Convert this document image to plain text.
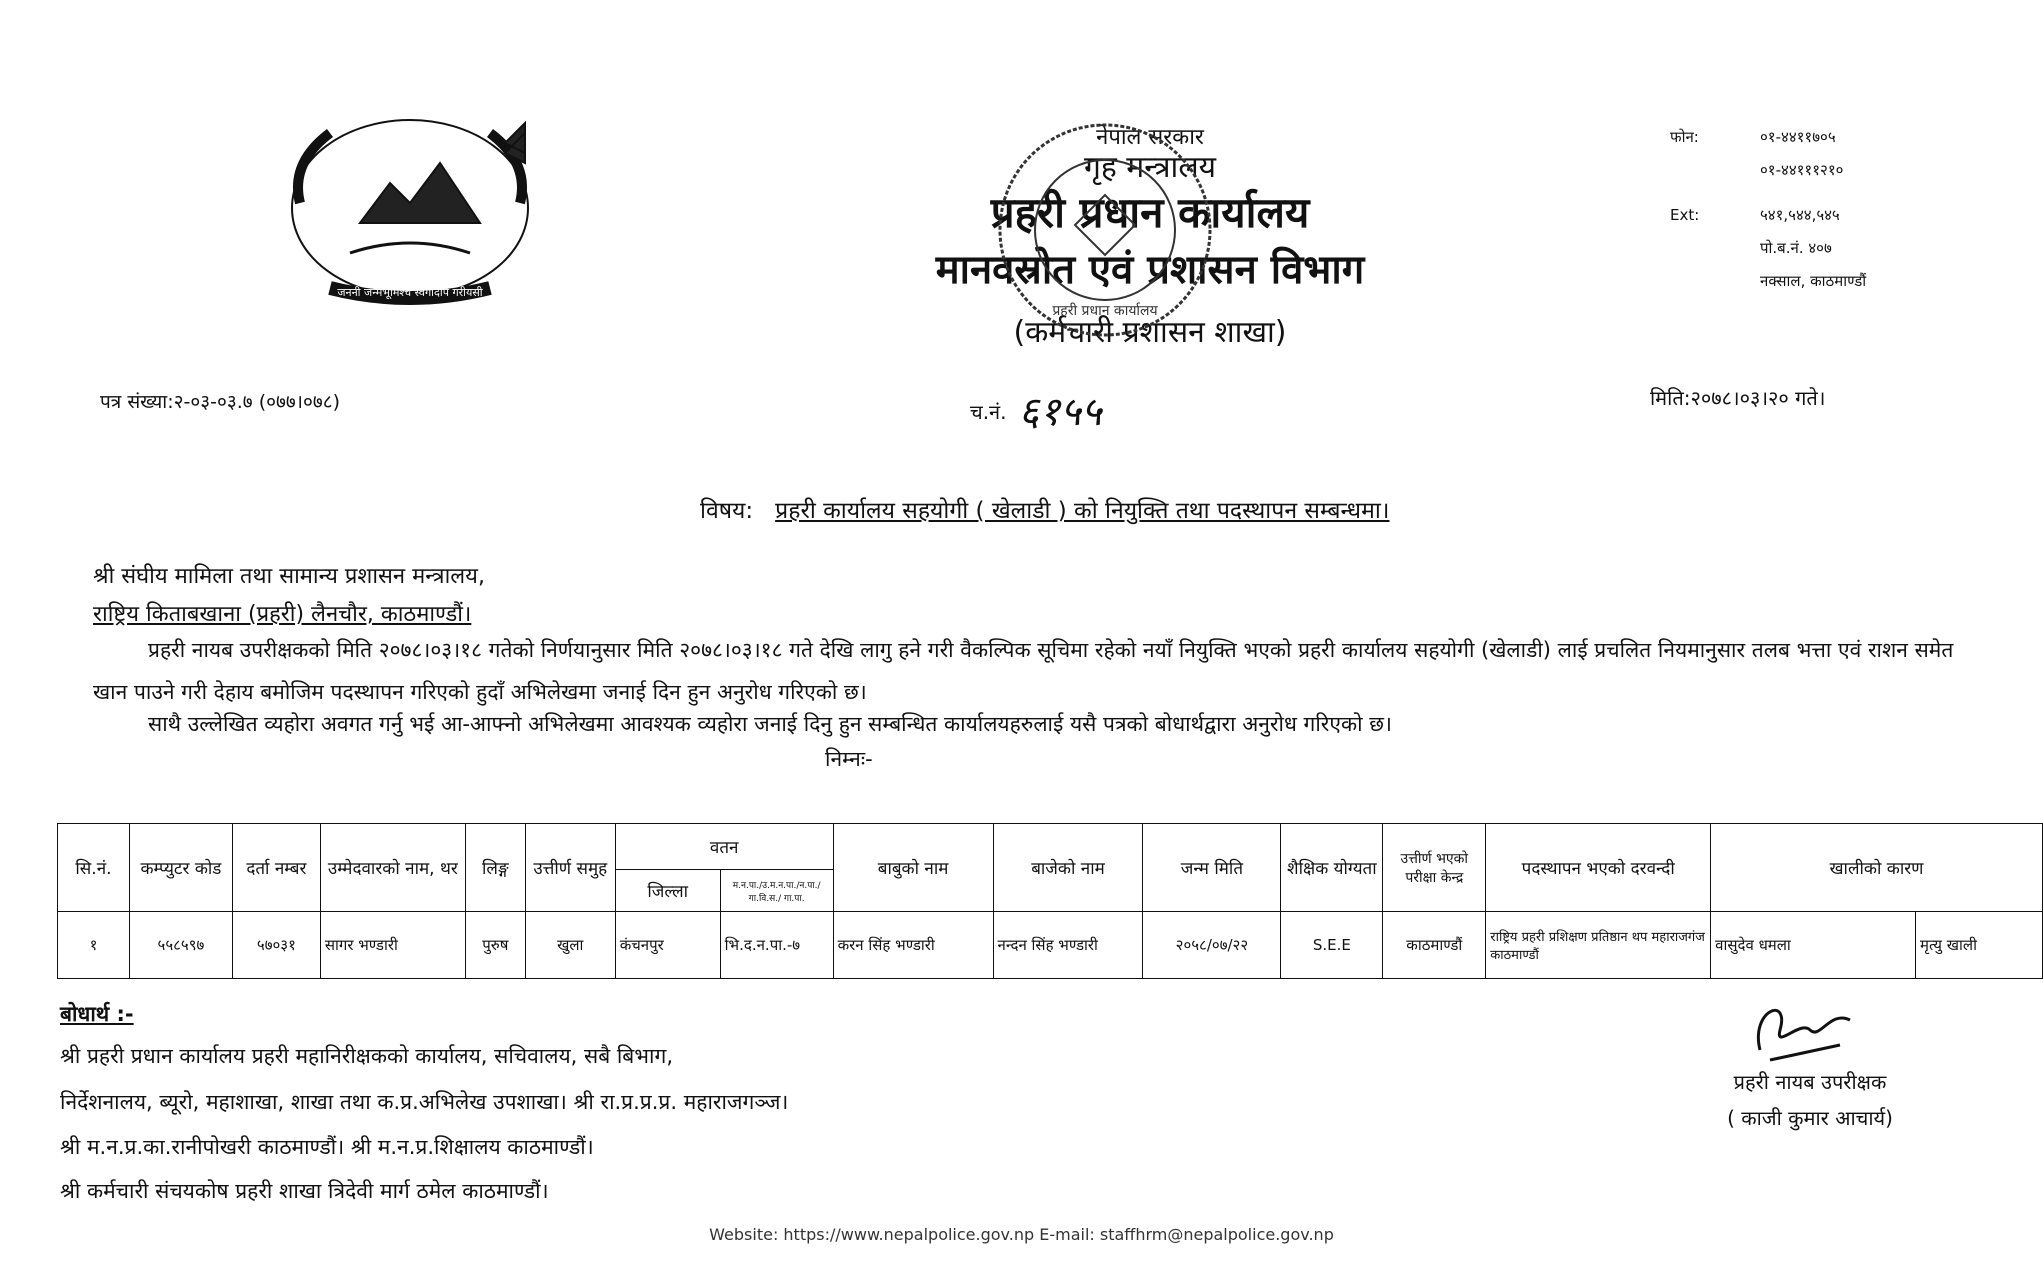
जननी जन्मभूमिश्च स्वर्गादपि गरीयसी
नेपाल सरकार
गृह मन्त्रालय
प्रहरी प्रधान कार्यालय
मानवस्रोत एवं प्रशासन विभाग
(कर्मचारी प्रशासन शाखा)
प्रहरी प्रधान कार्यालय
फोन:	०१-४४११७०५
०१-४४१११२१०
Ext:	५४१,५४४,५४५
पो.ब.नं. ४०७
नक्साल, काठमाण्डौं
पत्र संख्या:२-०३-०३.७ (०७७।०७८)	च.नं. ६१५५	मिति:२०७८।०३।२० गते।
विषय: प्रहरी कार्यालय सहयोगी ( खेलाडी ) को नियुक्ति तथा पदस्थापन सम्बन्धमा।
श्री संघीय मामिला तथा सामान्य प्रशासन मन्त्रालय,
राष्ट्रिय किताबखाना (प्रहरी) लैनचौर, काठमाण्डौं।
प्रहरी नायब उपरीक्षकको मिति २०७८।०३।१८ गतेको निर्णयानुसार मिति २०७८।०३।१८ गते देखि लागु हने गरी वैकल्पिक सूचिमा रहेको नयाँ नियुक्ति भएको प्रहरी कार्यालय सहयोगी (खेलाडी) लाई प्रचलित नियमानुसार तलब भत्ता एवं राशन समेत खान पाउने गरी देहाय बमोजिम पदस्थापन गरिएको हुदाँ अभिलेखमा जनाई दिन हुन अनुरोध गरिएको छ।
साथै उल्लेखित व्यहोरा अवगत गर्नु भई आ-आफ्नो अभिलेखमा आवश्यक व्यहोरा जनाई दिनु हुन सम्बन्धित कार्यालयहरुलाई यसै पत्रको बोधार्थद्वारा अनुरोध गरिएको छ।
निम्नः-
सि.नं.	कम्प्युटर कोड	दर्ता नम्बर	उम्मेदवारको नाम, थर	लिङ्ग	उत्तीर्ण समुह	वतन		बाबुको नाम	बाजेको नाम	जन्म मिति	शैक्षिक योग्यता	उत्तीर्ण भएको परीक्षा केन्द्र	पदस्थापन भएको दरवन्दी	खालीको कारण	
						जिल्ला	म.न.पा./उ.म.न.पा./न.पा./ गा.वि.स./ गा.पा.								
१	५५८५९७	५७०३१	सागर भण्डारी	पुरुष	खुला	कंचनपुर	भि.द.न.पा.-७	करन सिंह भण्डारी	नन्दन सिंह भण्डारी	२०५८/०७/२२	S.E.E	काठमाण्डौं	राष्ट्रिय प्रहरी प्रशिक्षण प्रतिष्ठान थप महाराजगंज काठमाण्डौं	वासुदेव धमला	मृत्यु खाली
बोधार्थ :-
श्री प्रहरी प्रधान कार्यालय प्रहरी महानिरीक्षकको कार्यालय, सचिवालय, सबै बिभाग,
निर्देशनालय, ब्यूरो, महाशाखा, शाखा तथा क.प्र.अभिलेख उपशाखा। श्री रा.प्र.प्र.प्र. महाराजगञ्ज।
श्री म.न.प्र.का.रानीपोखरी काठमाण्डौं। श्री म.न.प्र.शिक्षालय काठमाण्डौं।
श्री कर्मचारी संचयकोष प्रहरी शाखा त्रिदेवी मार्ग ठमेल काठमाण्डौं।
प्रहरी नायब उपरीक्षक
( काजी कुमार आचार्य)
Website: https://www.nepalpolice.gov.np E-mail: staffhrm@nepalpolice.gov.np
